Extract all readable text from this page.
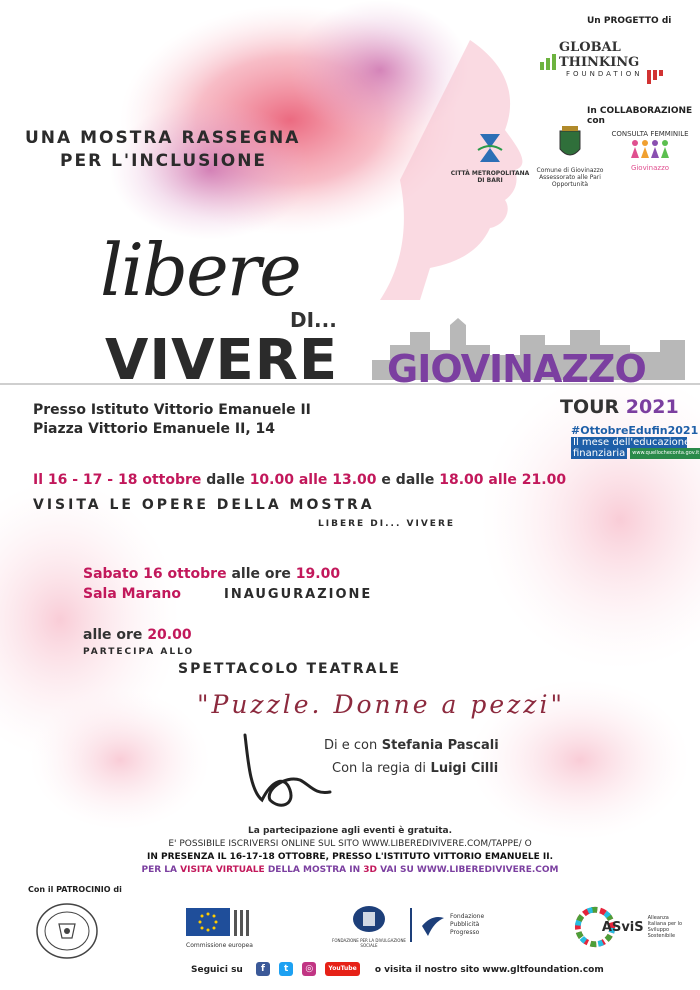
Un PROGETTO di
GLOBAL THINKING
FOUNDATION
In COLLABORAZIONE con
CITTÀ METROPOLITANA DI BARI
Comune di Giovinazzo Assessorato alle Pari Opportunità
CONSULTA FEMMINILE
Giovinazzo
UNA MOSTRA RASSEGNA
PER L'INCLUSIONE
libere
DI...
VIVERE GIOVINAZZO
TOUR 2021
#OttobreEdufin2021
Il mese dell'educazione
finanziaria	www.quellocheconta.gov.it
Presso Istituto Vittorio Emanuele II
Piazza Vittorio Emanuele II, 14
Il 16 - 17 - 18 ottobre dalle 10.00 alle 13.00 e dalle 18.00 alle 21.00
VISITA LE OPERE DELLA MOSTRA
LIBERE DI... VIVERE
Sabato 16 ottobre alle ore 19.00
Sala Marano	INAUGURAZIONE
alle ore 20.00
PARTECIPA ALLO
SPETTACOLO TEATRALE
"Puzzle. Donne a pezzi"
Di e con Stefania Pascali
Con la regia di Luigi Cilli
La partecipazione agli eventi è gratuita.
E' POSSIBILE ISCRIVERSI ONLINE SUL SITO WWW.LIBEREDIVIVERE.COM/TAPPE/ O
IN PRESENZA IL 16-17-18 OTTOBRE, PRESSO L'ISTITUTO VITTORIO EMANUELE II.
PER LA VISITA VIRTUALE DELLA MOSTRA IN 3D VAI SU WWW.LIBEREDIVIVERE.COM
Con il PATROCINIO di
Commissione europea
FONDAZIONE PER LA DIVULGAZIONE SOCIALE
Fondazione Pubblicità Progresso	ASviS
Alleanza Italiana per lo Sviluppo Sostenibile
Seguici su f t ◎	YouTube o visita il nostro sito www.gltfoundation.com
